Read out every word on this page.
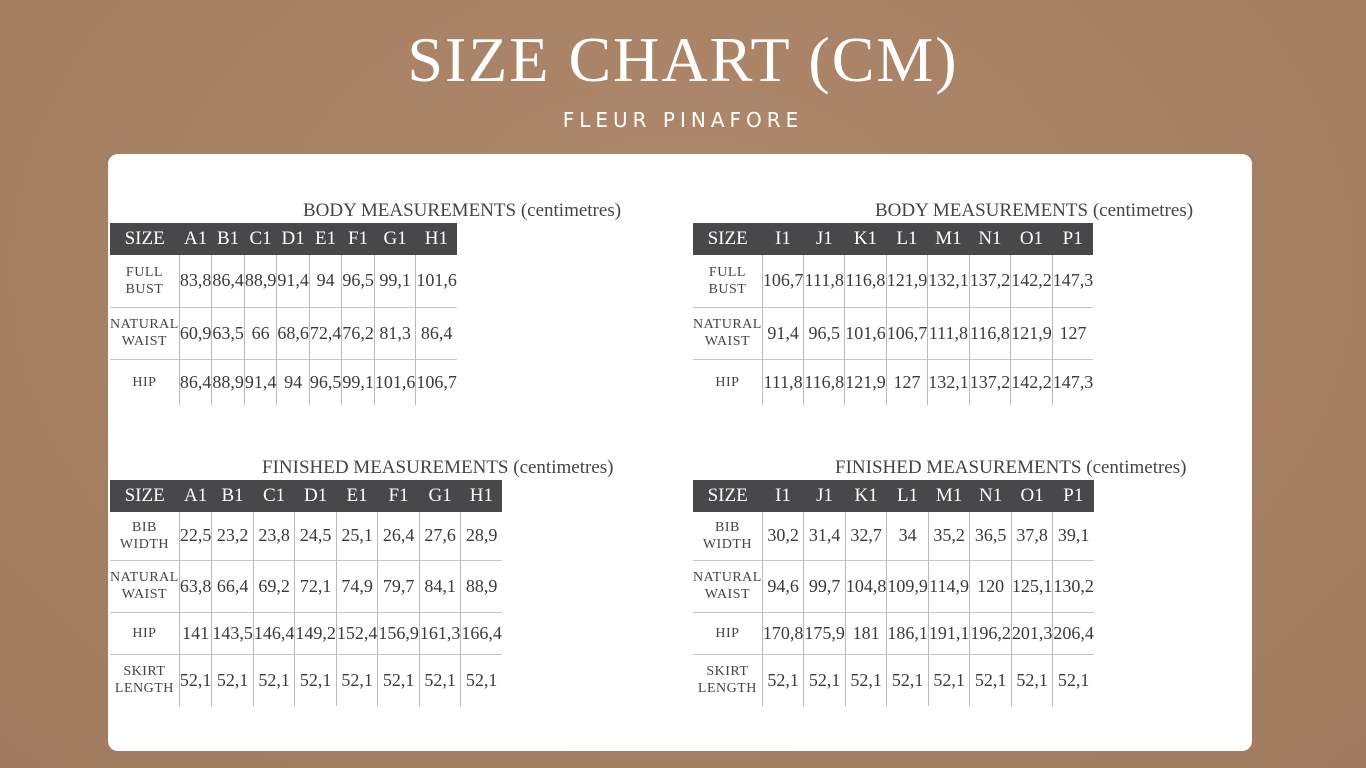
SIZE CHART (CM)
FLEUR PINAFORE
BODY MEASUREMENTS (centimetres)
SIZE	A1	B1	C1	D1	E1	F1	G1	H1

FULL
BUST	83,8	86,4	88,9	91,4	94	96,5	99,1	101,6

NATURAL
WAIST	60,9	63,5	66	68,6	72,4	76,2	81,3	86,4

HIP	86,4	88,9	91,4	94	96,5	99,1	101,6	106,7
BODY MEASUREMENTS (centimetres)
SIZE	I1	J1	K1	L1	M1	N1	O1	P1

FULL
BUST	106,7	111,8	116,8	121,9	132,1	137,2	142,2	147,3

NATURAL
WAIST	91,4	96,5	101,6	106,7	111,8	116,8	121,9	127

HIP	111,8	116,8	121,9	127	132,1	137,2	142,2	147,3
FINISHED MEASUREMENTS (centimetres)
SIZE	A1	B1	C1	D1	E1	F1	G1	H1

BIB
WIDTH	22,5	23,2	23,8	24,5	25,1	26,4	27,6	28,9

NATURAL
WAIST	63,8	66,4	69,2	72,1	74,9	79,7	84,1	88,9

HIP	141	143,5	146,4	149,2	152,4	156,9	161,3	166,4

SKIRT
LENGTH	52,1	52,1	52,1	52,1	52,1	52,1	52,1	52,1
FINISHED MEASUREMENTS (centimetres)
SIZE	I1	J1	K1	L1	M1	N1	O1	P1

BIB
WIDTH	30,2	31,4	32,7	34	35,2	36,5	37,8	39,1

NATURAL
WAIST	94,6	99,7	104,8	109,9	114,9	120	125,1	130,2

HIP	170,8	175,9	181	186,1	191,1	196,2	201,3	206,4

SKIRT
LENGTH	52,1	52,1	52,1	52,1	52,1	52,1	52,1	52,1
